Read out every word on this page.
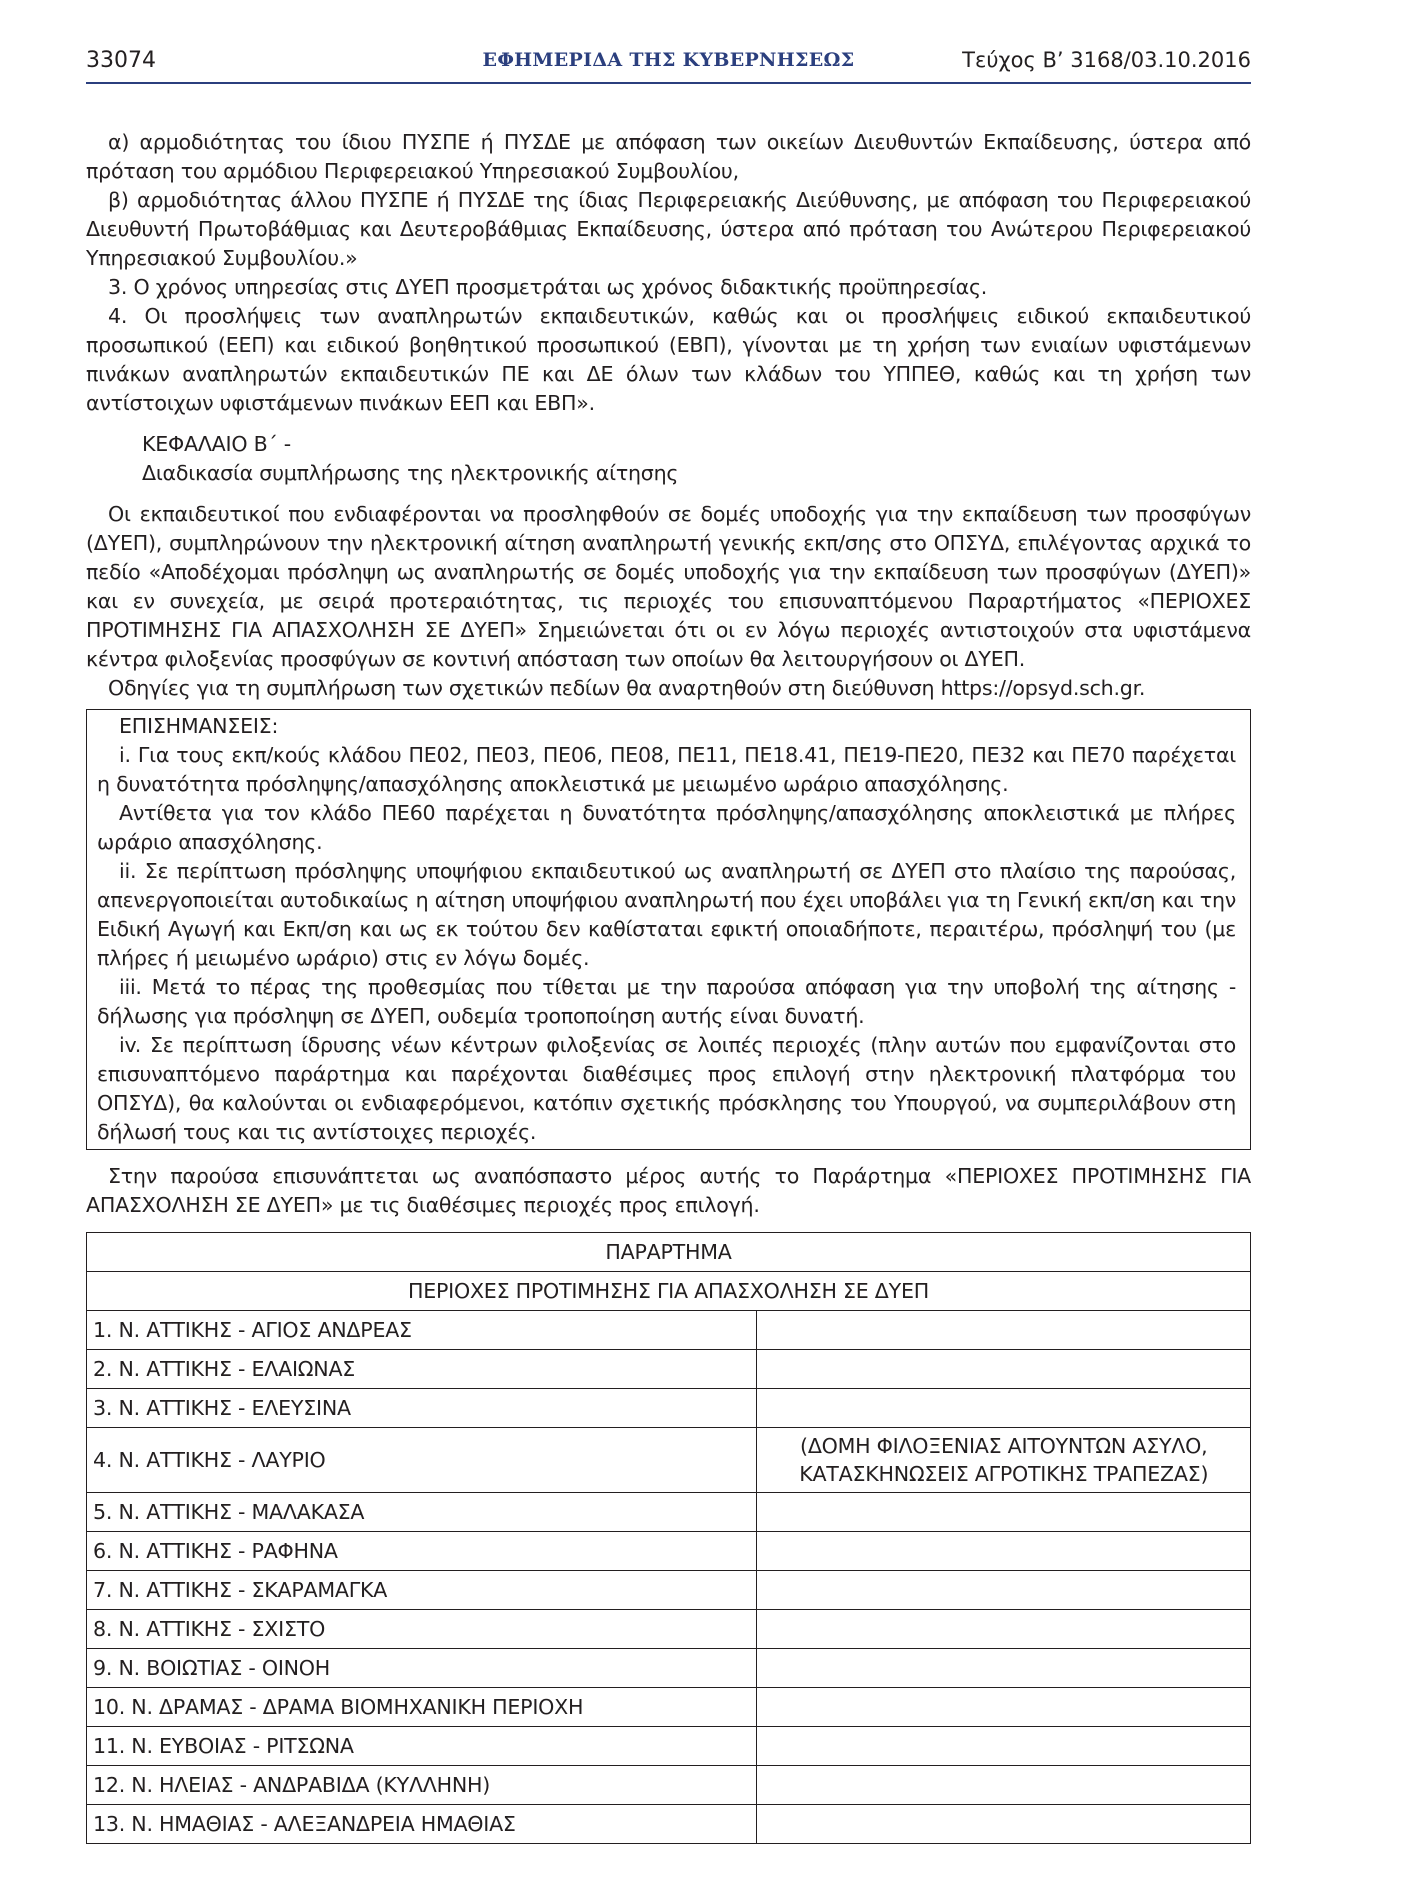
33074	ΕΦΗΜΕΡΙΔΑ ΤΗΣ ΚΥΒΕΡΝΗΣΕΩΣ	Τεύχος Β’ 3168/03.10.2016

α) αρμοδιότητας του ίδιου ΠΥΣΠΕ ή ΠΥΣΔΕ με απόφαση των οικείων Διευθυντών Εκπαίδευσης, ύστερα από πρόταση του αρμόδιου Περιφερειακού Υπηρεσιακού Συμβουλίου,

β) αρμοδιότητας άλλου ΠΥΣΠΕ ή ΠΥΣΔΕ της ίδιας Περιφερειακής Διεύθυνσης, με απόφαση του Περιφερειακού Διευθυντή Πρωτοβάθμιας και Δευτεροβάθμιας Εκπαίδευσης, ύστερα από πρόταση του Ανώτερου Περιφερειακού Υπηρεσιακού Συμβουλίου.»

3. Ο χρόνος υπηρεσίας στις ΔΥΕΠ προσμετράται ως χρόνος διδακτικής προϋπηρεσίας.

4. Οι προσλήψεις των αναπληρωτών εκπαιδευτικών, καθώς και οι προσλήψεις ειδικού εκπαιδευτικού προσωπικού (ΕΕΠ) και ειδικού βοηθητικού προσωπικού (ΕΒΠ), γίνονται με τη χρήση των ενιαίων υφιστάμενων πινάκων αναπληρωτών εκπαιδευτικών ΠΕ και ΔΕ όλων των κλάδων του ΥΠΠΕΘ, καθώς και τη χρήση των αντίστοιχων υφιστάμενων πινάκων ΕΕΠ και ΕΒΠ».

ΚΕΦΑΛΑΙΟ Β΄ -

Διαδικασία συμπλήρωσης της ηλεκτρονικής αίτησης

Οι εκπαιδευτικοί που ενδιαφέρονται να προσληφθούν σε δομές υποδοχής για την εκπαίδευση των προσφύγων (ΔΥΕΠ), συμπληρώνουν την ηλεκτρονική αίτηση αναπληρωτή γενικής εκπ/σης στο ΟΠΣΥΔ, επιλέγοντας αρχικά το πεδίο «Αποδέχομαι πρόσληψη ως αναπληρωτής σε δομές υποδοχής για την εκπαίδευση των προσφύγων (ΔΥΕΠ)» και εν συνεχεία, με σειρά προτεραιότητας, τις περιοχές του επισυναπτόμενου Παραρτήματος «ΠΕΡΙΟΧΕΣ ΠΡΟΤΙΜΗΣΗΣ ΓΙΑ ΑΠΑΣΧΟΛΗΣΗ ΣΕ ΔΥΕΠ» Σημειώνεται ότι οι εν λόγω περιοχές αντιστοιχούν στα υφιστάμενα κέντρα φιλοξενίας προσφύγων σε κοντινή απόσταση των οποίων θα λειτουργήσουν οι ΔΥΕΠ.

Οδηγίες για τη συμπλήρωση των σχετικών πεδίων θα αναρτηθούν στη διεύθυνση https://opsyd.sch.gr.

ΕΠΙΣΗΜΑΝΣΕΙΣ:

i. Για τους εκπ/κούς κλάδου ΠΕ02, ΠΕ03, ΠΕ06, ΠΕ08, ΠΕ11, ΠΕ18.41, ΠΕ19-ΠΕ20, ΠΕ32 και ΠΕ70 παρέχεται η δυνατότητα πρόσληψης/απασχόλησης αποκλειστικά με μειωμένο ωράριο απασχόλησης.

Αντίθετα για τον κλάδο ΠΕ60 παρέχεται η δυνατότητα πρόσληψης/απασχόλησης αποκλειστικά με πλήρες ωράριο απασχόλησης.

ii. Σε περίπτωση πρόσληψης υποψήφιου εκπαιδευτικού ως αναπληρωτή σε ΔΥΕΠ στο πλαίσιο της παρούσας, απενεργοποιείται αυτοδικαίως η αίτηση υποψήφιου αναπληρωτή που έχει υποβάλει για τη Γενική εκπ/ση και την Ειδική Αγωγή και Εκπ/ση και ως εκ τούτου δεν καθίσταται εφικτή οποιαδήποτε, περαιτέρω, πρόσληψή του (με πλήρες ή μειωμένο ωράριο) στις εν λόγω δομές.

iii. Μετά το πέρας της προθεσμίας που τίθεται με την παρούσα απόφαση για την υποβολή της αίτησης - δήλωσης για πρόσληψη σε ΔΥΕΠ, ουδεμία τροποποίηση αυτής είναι δυνατή.

iv. Σε περίπτωση ίδρυσης νέων κέντρων φιλοξενίας σε λοιπές περιοχές (πλην αυτών που εμφανίζονται στο επισυναπτόμενο παράρτημα και παρέχονται διαθέσιμες προς επιλογή στην ηλεκτρονική πλατφόρμα του ΟΠΣΥΔ), θα καλούνται οι ενδιαφερόμενοι, κατόπιν σχετικής πρόσκλησης του Υπουργού, να συμπεριλάβουν στη δήλωσή τους και τις αντίστοιχες περιοχές.

Στην παρούσα επισυνάπτεται ως αναπόσπαστο μέρος αυτής το Παράρτημα «ΠΕΡΙΟΧΕΣ ΠΡΟΤΙΜΗΣΗΣ ΓΙΑ ΑΠΑΣΧΟΛΗΣΗ ΣΕ ΔΥΕΠ» με τις διαθέσιμες περιοχές προς επιλογή.

ΠΑΡΑΡΤΗΜΑ	
ΠΕΡΙΟΧΕΣ ΠΡΟΤΙΜΗΣΗΣ ΓΙΑ ΑΠΑΣΧΟΛΗΣΗ ΣΕ ΔΥΕΠ	
1. Ν. ΑΤΤΙΚΗΣ - ΑΓΙΟΣ ΑΝΔΡΕΑΣ	
2. Ν. ΑΤΤΙΚΗΣ - ΕΛΑΙΩΝΑΣ	
3. Ν. ΑΤΤΙΚΗΣ - ΕΛΕΥΣΙΝΑ	
4. Ν. ΑΤΤΙΚΗΣ - ΛΑΥΡΙΟ	(ΔΟΜΗ ΦΙΛΟΞΕΝΙΑΣ ΑΙΤΟΥΝΤΩΝ ΑΣΥΛΟ, ΚΑΤΑΣΚΗΝΩΣΕΙΣ ΑΓΡΟΤΙΚΗΣ ΤΡΑΠΕΖΑΣ)
5. Ν. ΑΤΤΙΚΗΣ - ΜΑΛΑΚΑΣΑ	
6. Ν. ΑΤΤΙΚΗΣ - ΡΑΦΗΝΑ	
7. Ν. ΑΤΤΙΚΗΣ - ΣΚΑΡΑΜΑΓΚΑ	
8. Ν. ΑΤΤΙΚΗΣ - ΣΧΙΣΤΟ	
9. Ν. ΒΟΙΩΤΙΑΣ - ΟΙΝΟΗ	
10. Ν. ΔΡΑΜΑΣ - ΔΡΑΜΑ ΒΙΟΜΗΧΑΝΙΚΗ ΠΕΡΙΟΧΗ	
11. Ν. ΕΥΒΟΙΑΣ - ΡΙΤΣΩΝΑ	
12. Ν. ΗΛΕΙΑΣ - ΑΝΔΡΑΒΙΔΑ (ΚΥΛΛΗΝΗ)	
13. Ν. ΗΜΑΘΙΑΣ - ΑΛΕΞΑΝΔΡΕΙΑ ΗΜΑΘΙΑΣ	
